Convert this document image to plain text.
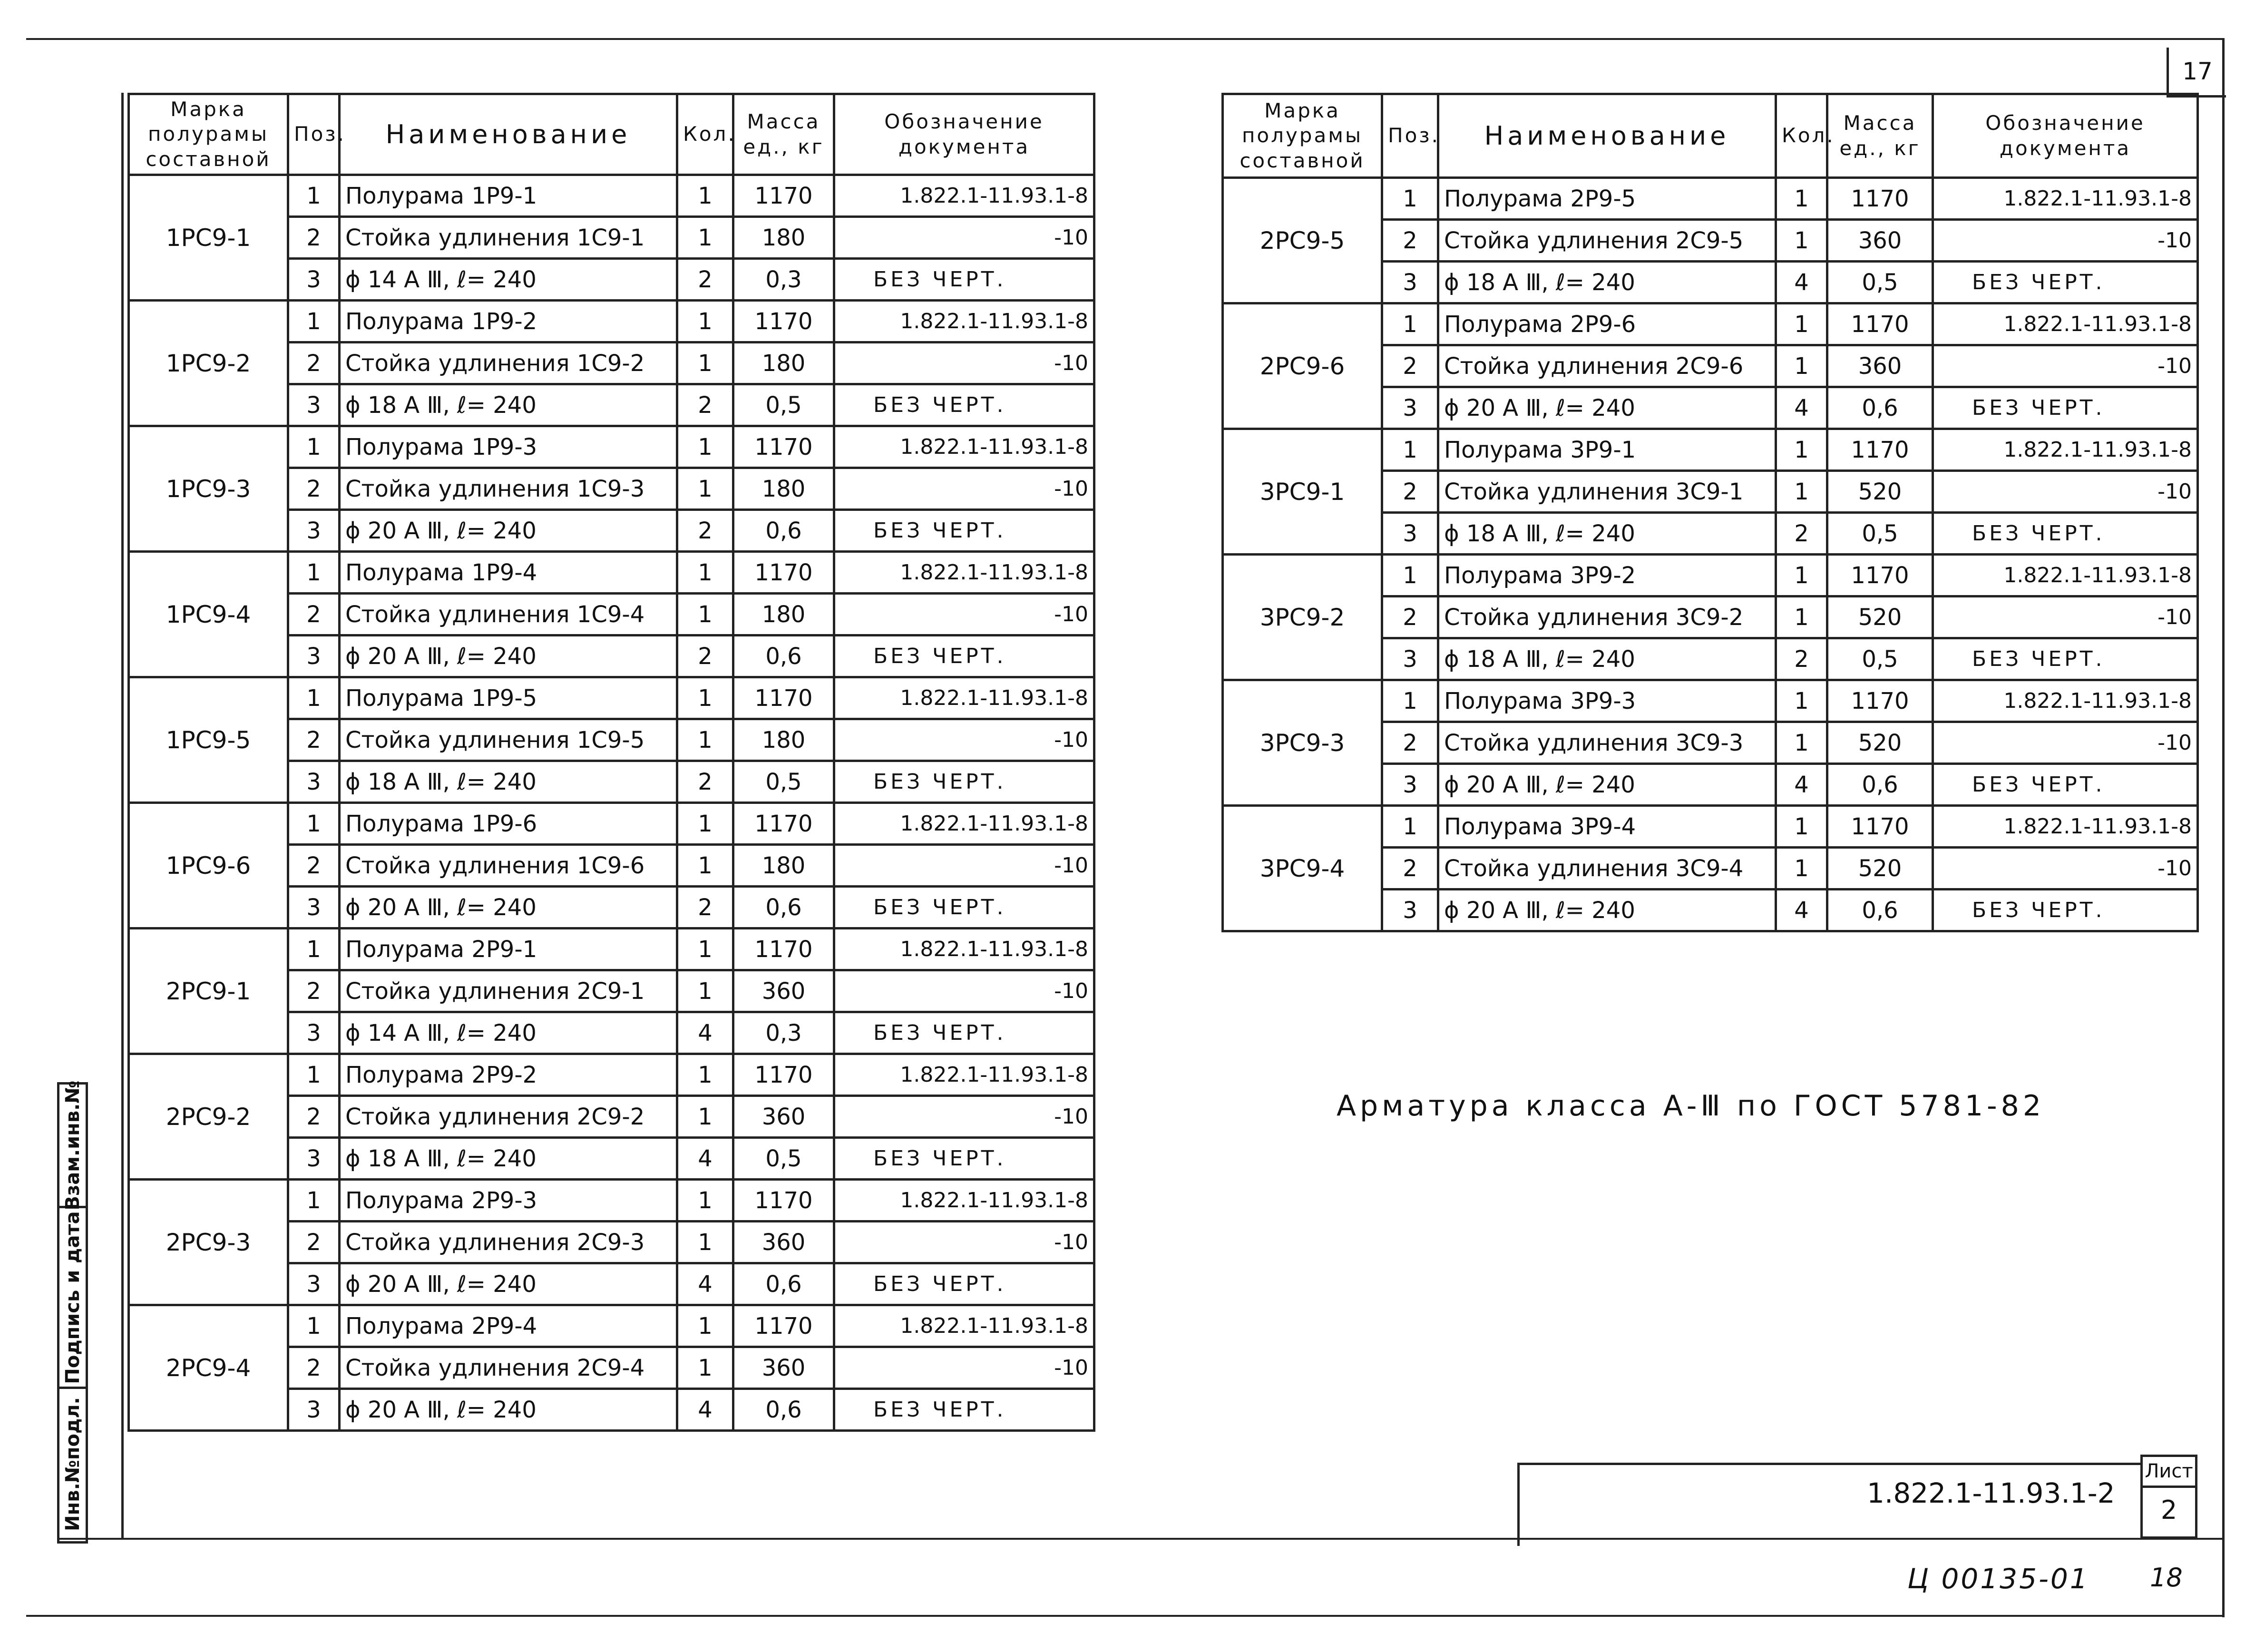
17
Марка полурамы составной	Поз.	Наименование	Кол.	Масса ед., кг	Обозначение документа
1РС9-1	1	Полурама 1Р9-1	1	1170	1.822.1-11.93.1-8
	2	Стойка удлинения 1С9-1	1	180	-10
	3	ϕ 14 А Ⅲ, ℓ= 240	2	0,3	БЕЗ ЧЕРТ.
1РС9-2	1	Полурама 1Р9-2	1	1170	1.822.1-11.93.1-8
	2	Стойка удлинения 1С9-2	1	180	-10
	3	ϕ 18 А Ⅲ, ℓ= 240	2	0,5	БЕЗ ЧЕРТ.
1РС9-3	1	Полурама 1Р9-3	1	1170	1.822.1-11.93.1-8
	2	Стойка удлинения 1С9-3	1	180	-10
	3	ϕ 20 А Ⅲ, ℓ= 240	2	0,6	БЕЗ ЧЕРТ.
1РС9-4	1	Полурама 1Р9-4	1	1170	1.822.1-11.93.1-8
	2	Стойка удлинения 1С9-4	1	180	-10
	3	ϕ 20 А Ⅲ, ℓ= 240	2	0,6	БЕЗ ЧЕРТ.
1РС9-5	1	Полурама 1Р9-5	1	1170	1.822.1-11.93.1-8
	2	Стойка удлинения 1С9-5	1	180	-10
	3	ϕ 18 А Ⅲ, ℓ= 240	2	0,5	БЕЗ ЧЕРТ.
1РС9-6	1	Полурама 1Р9-6	1	1170	1.822.1-11.93.1-8
	2	Стойка удлинения 1С9-6	1	180	-10
	3	ϕ 20 А Ⅲ, ℓ= 240	2	0,6	БЕЗ ЧЕРТ.
2РС9-1	1	Полурама 2Р9-1	1	1170	1.822.1-11.93.1-8
	2	Стойка удлинения 2С9-1	1	360	-10
	3	ϕ 14 А Ⅲ, ℓ= 240	4	0,3	БЕЗ ЧЕРТ.
2РС9-2	1	Полурама 2Р9-2	1	1170	1.822.1-11.93.1-8
	2	Стойка удлинения 2С9-2	1	360	-10
	3	ϕ 18 А Ⅲ, ℓ= 240	4	0,5	БЕЗ ЧЕРТ.
2РС9-3	1	Полурама 2Р9-3	1	1170	1.822.1-11.93.1-8
	2	Стойка удлинения 2С9-3	1	360	-10
	3	ϕ 20 А Ⅲ, ℓ= 240	4	0,6	БЕЗ ЧЕРТ.
2РС9-4	1	Полурама 2Р9-4	1	1170	1.822.1-11.93.1-8
	2	Стойка удлинения 2С9-4	1	360	-10
	3	ϕ 20 А Ⅲ, ℓ= 240	4	0,6	БЕЗ ЧЕРТ.
Марка полурамы составной	Поз.	Наименование	Кол.	Масса ед., кг	Обозначение документа
2РС9-5	1	Полурама 2Р9-5	1	1170	1.822.1-11.93.1-8
	2	Стойка удлинения 2С9-5	1	360	-10
	3	ϕ 18 А Ⅲ, ℓ= 240	4	0,5	БЕЗ ЧЕРТ.
2РС9-6	1	Полурама 2Р9-6	1	1170	1.822.1-11.93.1-8
	2	Стойка удлинения 2С9-6	1	360	-10
	3	ϕ 20 А Ⅲ, ℓ= 240	4	0,6	БЕЗ ЧЕРТ.
3РС9-1	1	Полурама 3Р9-1	1	1170	1.822.1-11.93.1-8
	2	Стойка удлинения 3С9-1	1	520	-10
	3	ϕ 18 А Ⅲ, ℓ= 240	2	0,5	БЕЗ ЧЕРТ.
3РС9-2	1	Полурама 3Р9-2	1	1170	1.822.1-11.93.1-8
	2	Стойка удлинения 3С9-2	1	520	-10
	3	ϕ 18 А Ⅲ, ℓ= 240	2	0,5	БЕЗ ЧЕРТ.
3РС9-3	1	Полурама 3Р9-3	1	1170	1.822.1-11.93.1-8
	2	Стойка удлинения 3С9-3	1	520	-10
	3	ϕ 20 А Ⅲ, ℓ= 240	4	0,6	БЕЗ ЧЕРТ.
3РС9-4	1	Полурама 3Р9-4	1	1170	1.822.1-11.93.1-8
	2	Стойка удлинения 3С9-4	1	520	-10
	3	ϕ 20 А Ⅲ, ℓ= 240	4	0,6	БЕЗ ЧЕРТ.
Арматура класса А-Ⅲ по ГОСТ 5781-82
1.822.1-11.93.1-2
Лист
2
Ц 00135-01 18
Инв.№подл.
Подпись и дата
Взам.инв.№
